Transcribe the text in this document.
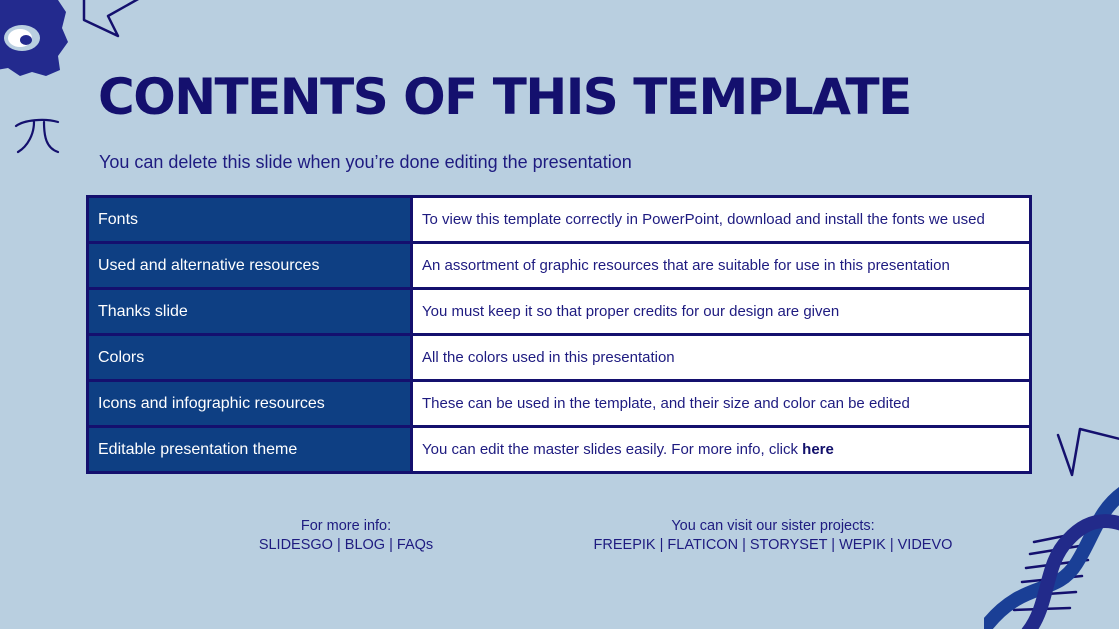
CONTENTS OF THIS TEMPLATE

You can delete this slide when you’re done editing the presentation

Fonts	To view this template correctly in PowerPoint, download and install the fonts we used
Used and alternative resources	An assortment of graphic resources that are suitable for use in this presentation
Thanks slide	You must keep it so that proper credits for our design are given
Colors	All the colors used in this presentation
Icons and infographic resources	These can be used in the template, and their size and color can be edited
Editable presentation theme	You can edit the master slides easily. For more info, click here
For more info:
SLIDESGO | BLOG | FAQs
You can visit our sister projects:
FREEPIK | FLATICON | STORYSET | WEPIK | VIDEVO
